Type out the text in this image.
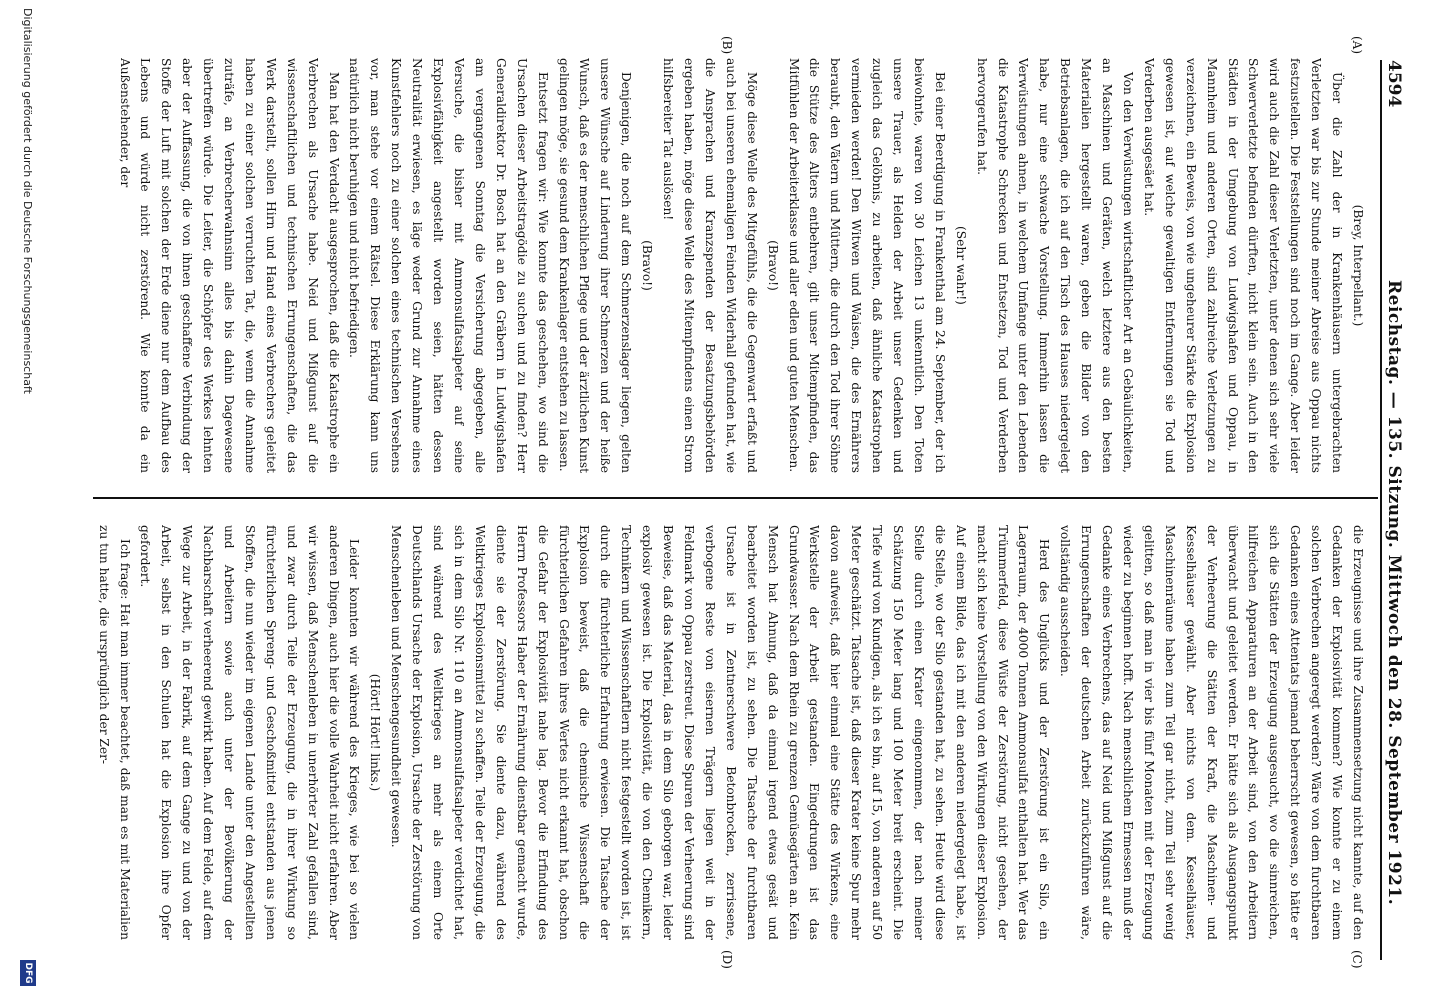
4594
Reichstag. — 135. Sitzung. Mittwoch den 28. September 1921.
(A)
(B)
(C)
(D)

(Brey, Interpellant.)

Über die Zahl der in Krankenhäusern untergebrachten Verletzten war bis zur Stunde meiner Abreise aus Oppau nichts festzustellen. Die Feststellungen sind noch im Gange. Aber leider wird auch die Zahl dieser Verletzten, unter denen sich sehr viele Schwerverletzte befinden dürften, nicht klein sein. Auch in den Städten in der Umgebung von Ludwigshafen und Oppau, in Mannheim und anderen Orten, sind zahlreiche Verletzungen zu verzeichnen, ein Beweis, von wie ungeheurer Stärke die Explosion gewesen ist, auf welche gewaltigen Entfernungen sie Tod und Verderben ausgesäet hat.

Von den Verwüstungen wirtschaftlicher Art an Gebäulichkeiten, an Maschinen und Geräten, welch letztere aus den besten Materialien hergestellt waren, geben die Bilder von den Betriebsanlagen, die ich auf den Tisch des Hauses niedergelegt habe, nur eine schwache Vorstellung. Immerhin lassen die Verwüstungen ahnen, in welchem Umfange unter den Lebenden die Katastrophe Schrecken und Entsetzen, Tod und Verderben hervorgerufen hat.

(Sehr wahr!)

Bei einer Beerdigung in Frankenthal am 24. September, der ich beiwohnte, waren von 30 Leichen 13 unkenntlich. Den Toten unsere Trauer, als Helden der Arbeit unser Gedenken und zugleich das Gelöbnis, zu arbeiten, daß ähnliche Katastrophen vermieden werden! Den Witwen und Waisen, die des Ernährers beraubt, den Vätern und Müttern, die durch den Tod ihrer Söhne die Stütze des Alters entbehren, gilt unser Mitempfinden, das Mitfühlen der Arbeiterklasse und aller edlen und guten Menschen.

(Bravo!)

Möge diese Welle des Mitgefühls, die die Gegenwart erfaßt und auch bei unseren ehemaligen Feinden Widerhall gefunden hat, wie die Ansprachen und Kranzspenden der Besatzungsbehörden ergeben haben, möge diese Welle des Mitempfindens einen Strom hilfsbereiter Tat auslösen!

(Bravo!)

Denjenigen, die noch auf dem Schmerzenslager liegen, gelten unsere Wünsche auf Linderung ihrer Schmerzen und der heiße Wunsch, daß es der menschlichen Pflege und der ärztlichen Kunst gelingen möge, sie gesund dem Krankenlager entstehen zu lassen.

Entsetzt fragen wir: Wie konnte das geschehen, wo sind die Ursachen dieser Arbeitstragödie zu suchen und zu finden? Herr Generaldirektor Dr. Bosch hat an den Gräbern in Ludwigshafen am vergangenen Sonntag die Versicherung abgegeben, alle Versuche, die bisher mit Ammonsulfatsalpeter auf seine Explosivfähigkeit angestellt worden seien, hätten dessen Neutralität erwiesen, es läge weder Grund zur Annahme eines Kunstfehlers noch zu einer solchen eines technischen Versehens vor, man stehe vor einem Rätsel. Diese Erklärung kann uns natürlich nicht beruhigen und nicht befriedigen.

Man hat den Verdacht ausgesprochen, daß die Katastrophe ein Verbrechen als Ursache habe. Neid und Mißgunst auf die wissenschaftlichen und technischen Errungenschaften, die das Werk darstellt, sollen Hirn und Hand eines Verbrechers geleitet haben zu einer solchen verruchten Tat, die, wenn die Annahme zuträfe, an Verbrecherwahnsinn alles bis dahin Dagewesene übertreffen würde. Die Leiter, die Schöpfer des Werkes lehnten aber der Auffassung, die von ihnen geschaffene Verbindung der Stoffe der Luft mit solchen der Erde diene nur dem Aufbau des Lebens und würde nicht zerstörend. Wie konnte da ein Außenstehender, der

die Erzeugnisse und ihre Zusammensetzung nicht kannte, auf den Gedanken der Explosivität kommen? Wie konnte er zu einem solchen Verbrechen angeregt werden? Wäre von dem furchtbaren Gedanken eines Attentats jemand beherrscht gewesen, so hätte er sich die Stätten der Erzeugung ausgesucht, wo die sinnreichen, hilfreichen Apparaturen an der Arbeit sind, von den Arbeitern überwacht und geleitet werden. Er hätte sich als Ausgangspunkt der Verheerung die Stätten der Kraft, die Maschinen- und Kesselhäuser gewählt. Aber nichts von dem. Kesselhäuser, Maschinenräume haben zum Teil gar nicht, zum Teil sehr wenig gelitten, so daß man in vier bis fünf Monaten mit der Erzeugung wieder zu beginnen hofft. Nach menschlichem Ermessen muß der Gedanke eines Verbrechens, das auf Neid und Mißgunst auf die Errungenschaften der deutschen Arbeit zurückzuführen wäre, vollständig ausscheiden.

Herd des Unglücks und der Zerstörung ist ein Silo, ein Lagerraum, der 4000 Tonnen Ammonsulfat enthalten hat. Wer das Trümmerfeld, diese Wüste der Zerstörung, nicht gesehen, der macht sich keine Vorstellung von den Wirkungen dieser Explosion. Auf einem Bilde, das ich mit den anderen niedergelegt habe, ist die Stelle, wo der Silo gestanden hat, zu sehen. Heute wird diese Stelle durch einen Krater eingenommen, der nach meiner Schätzung 150 Meter lang und 100 Meter breit erscheint. Die Tiefe wird von Kundigen, als ich es bin, auf 15, von anderen auf 50 Meter geschätzt. Tatsache ist, daß dieser Krater keine Spur mehr davon aufweist, daß hier einmal eine Stätte des Wirkens, eine Werkstelle der Arbeit gestanden. Eingedrungen ist das Grundwasser. Nach dem Rhein zu grenzen Gemüsegärten an. Kein Mensch hat Ahnung, daß da einmal irgend etwas gesät und bearbeitet worden ist, zu sehen. Die Tatsache der furchtbaren Ursache ist in Zentnerschwere Betonbrocken, zerrissene, verbogene Reste von eisernen Trägern liegen weit in der Feldmark von Oppau zerstreut. Diese Spuren der Verheerung sind Beweise, daß das Material, das in dem Silo geborgen war, leider explosiv gewesen ist. Die Explosivität, die von den Chemikern, Technikern und Wissenschaftlern nicht festgestellt worden ist, ist durch die fürchterliche Erfahrung erwiesen. Die Tatsache der Explosion beweist, daß die chemische Wissenschaft die fürchterlichen Gefahren ihres Wertes nicht erkannt hat, obschon die Gefahr der Explosivität nahe lag. Bevor die Erfindung des Herrn Professors Haber der Ernährung dienstbar gemacht wurde, diente sie der Zerstörung. Sie diente dazu, während des Weltkrieges Explosionsmittel zu schaffen. Teile der Erzeugung, die sich in dem Silo Nr. 110 an Ammonsulfatsalpeter verdichtet hat, sind während des Weltkrieges an mehr als einem Orte Deutschlands Ursache der Explosion, Ursache der Zerstörung von Menschenleben und Menschengesundheit gewesen.

(Hört! Hört! links.)

Leider konnten wir während des Krieges, wie bei so vielen anderen Dingen, auch hier die volle Wahrheit nicht erfahren. Aber wir wissen, daß Menschenleben in unerhörter Zahl gefallen sind, und zwar durch Teile der Erzeugung, die in ihrer Wirkung so fürchterlichen Spreng- und Geschoßmittel entstanden aus jenen Stoffen, die nun wieder im eigenen Lande unter den Angestellten und Arbeitern sowie auch unter der Bevölkerung der Nachbarschaft verheerend gewirkt haben. Auf dem Felde, auf dem Wege zur Arbeit, in der Fabrik, auf dem Gange zu und von der Arbeit, selbst in den Schulen hat die Explosion ihre Opfer gefordert.

Ich frage: Hat man immer beachtet, daß man es mit Materialien zu tun hatte, die ursprünglich der Zer-

Digitalisierung gefördert durch die Deutsche Forschungsgemeinschaft
DFG
